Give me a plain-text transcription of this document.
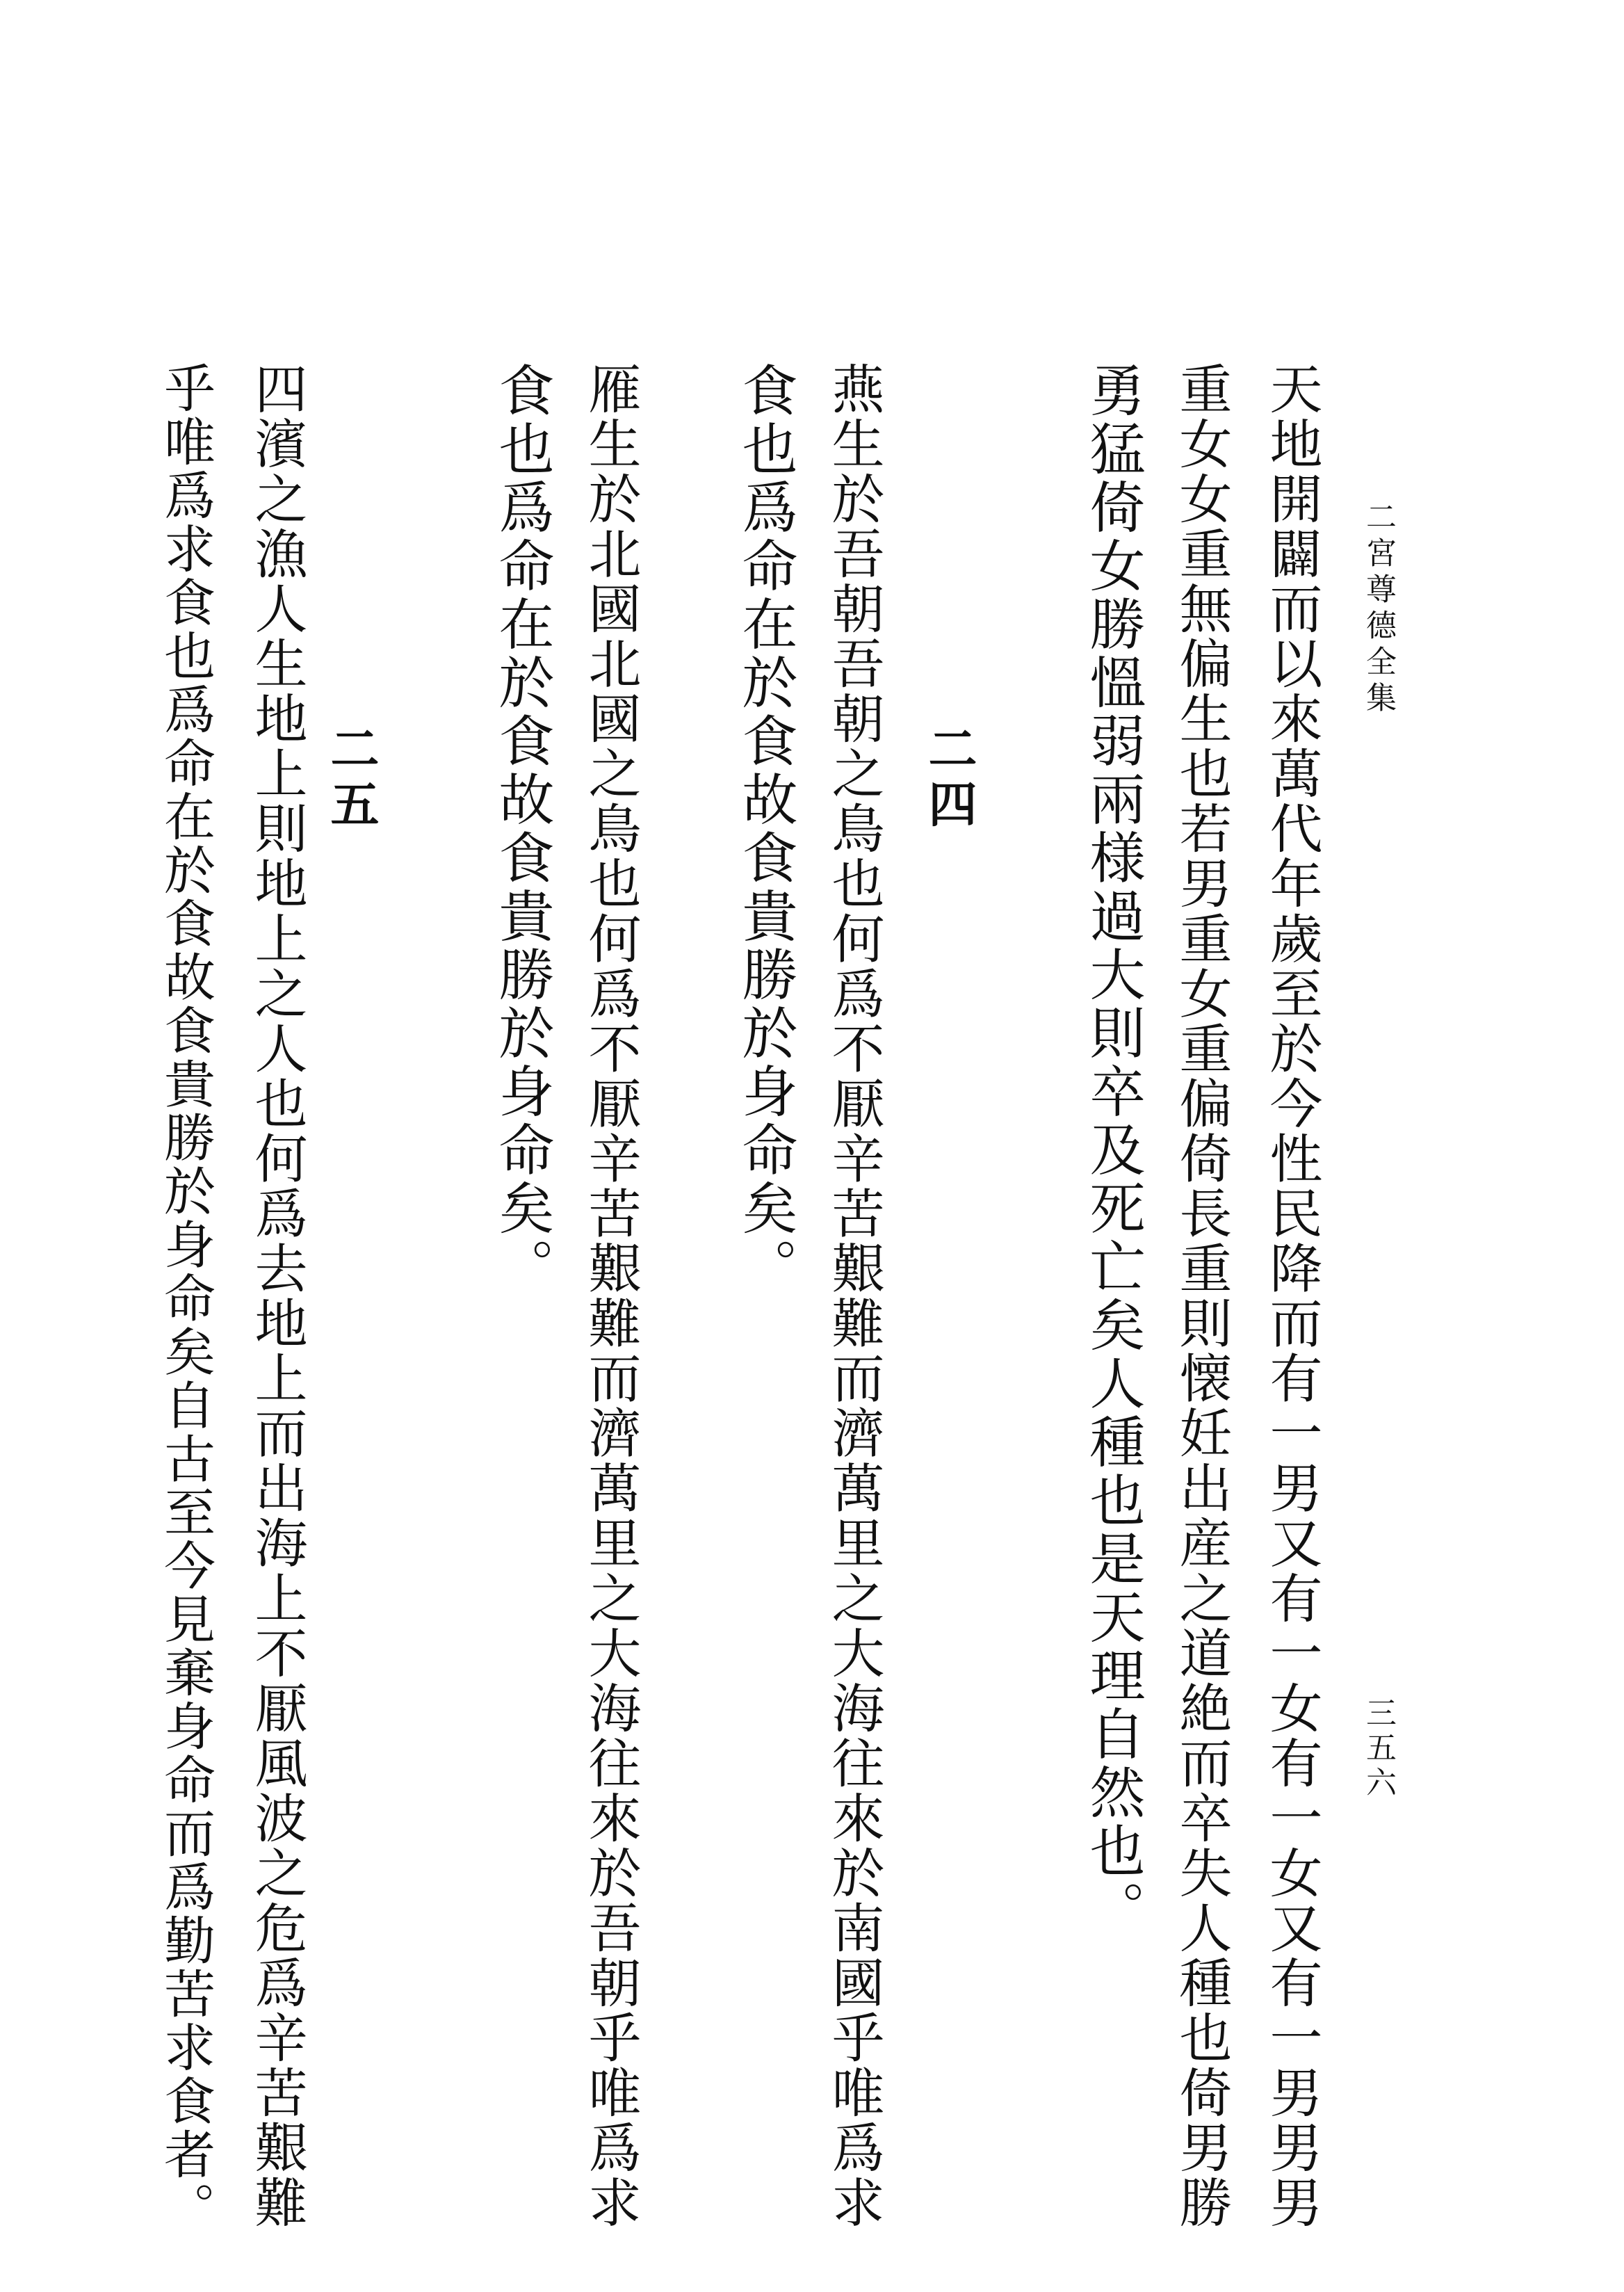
二宮尊德全集
三五六
天地開闢而以來萬代年歲至於今性民降而有一男又有一女有一女又有一男男男
重女女重無偏生也若男重女重偏倚長重則懐妊出産之道絶而卒失人種也倚男勝
勇猛倚女勝慍弱兩様過大則卒及死亡矣人種也是天理自然也。
二四
燕生於吾朝吾朝之鳥也何爲不厭辛苦艱難而濟萬里之大海往來於南國乎唯爲求
食也爲命在於食故食貴勝於身命矣。
雁生於北國北國之鳥也何爲不厭辛苦艱難而濟萬里之大海往來於吾朝乎唯爲求
食也爲命在於食故食貴勝於身命矣。
二五
四濱之漁人生地上則地上之人也何爲去地上而出海上不厭風波之危爲辛苦艱難
乎唯爲求食也爲命在於食故食貴勝於身命矣自古至今見棄身命而爲勤苦求食者。
